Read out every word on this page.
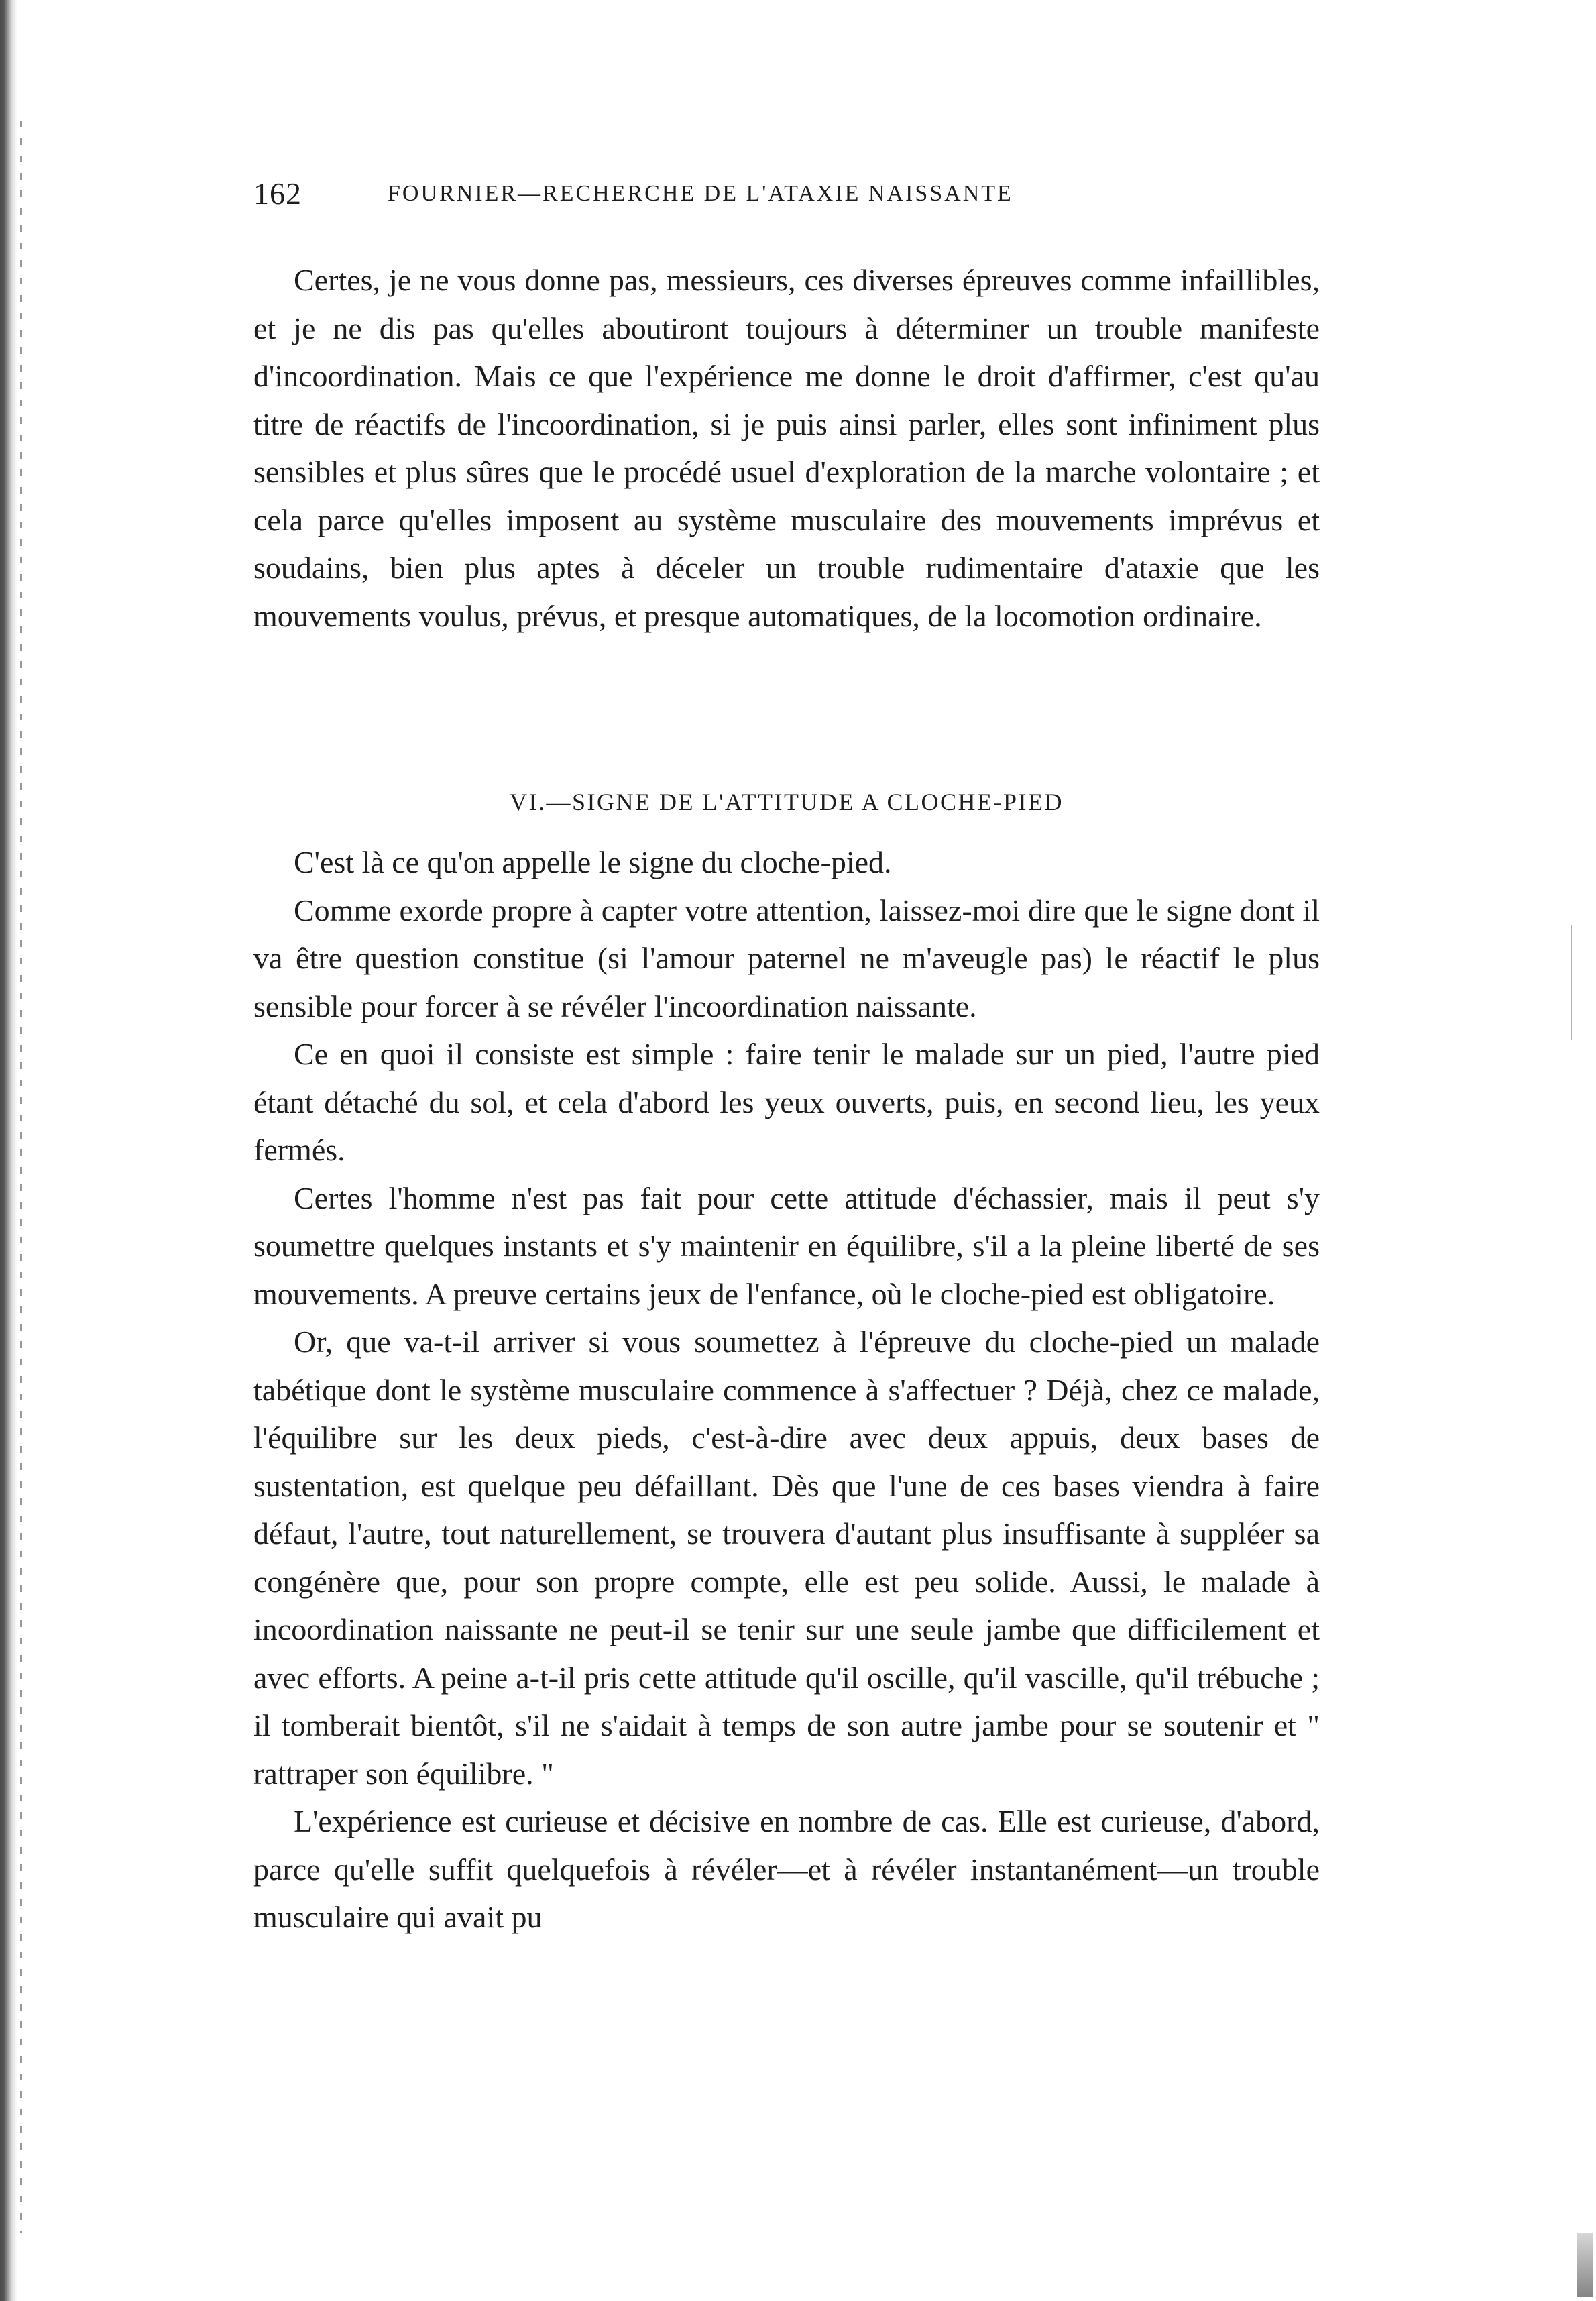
162	FOURNIER—RECHERCHE DE L'ATAXIE NAISSANTE

Certes, je ne vous donne pas, messieurs, ces diverses épreuves comme infaillibles, et je ne dis pas qu'elles aboutiront toujours à déterminer un trouble manifeste d'incoordination. Mais ce que l'expérience me donne le droit d'affirmer, c'est qu'au titre de réactifs de l'incoordination, si je puis ainsi parler, elles sont infiniment plus sensibles et plus sûres que le procédé usuel d'exploration de la marche volontaire ; et cela parce qu'elles imposent au système musculaire des mouvements imprévus et soudains, bien plus aptes à déceler un trouble rudimentaire d'ataxie que les mouvements voulus, prévus, et presque automatiques, de la locomotion ordinaire.

VI.—SIGNE DE L'ATTITUDE A CLOCHE-PIED

C'est là ce qu'on appelle le signe du cloche-pied.

Comme exorde propre à capter votre attention, laissez-moi dire que le signe dont il va être question constitue (si l'amour paternel ne m'aveugle pas) le réactif le plus sensible pour forcer à se révéler l'incoordination naissante.

Ce en quoi il consiste est simple : faire tenir le malade sur un pied, l'autre pied étant détaché du sol, et cela d'abord les yeux ouverts, puis, en second lieu, les yeux fermés.

Certes l'homme n'est pas fait pour cette attitude d'échassier, mais il peut s'y soumettre quelques instants et s'y maintenir en équilibre, s'il a la pleine liberté de ses mouvements. A preuve certains jeux de l'enfance, où le cloche-pied est obligatoire.

Or, que va-t-il arriver si vous soumettez à l'épreuve du cloche-pied un malade tabétique dont le système musculaire commence à s'affectuer ? Déjà, chez ce malade, l'équilibre sur les deux pieds, c'est-à-dire avec deux appuis, deux bases de sustentation, est quelque peu défaillant. Dès que l'une de ces bases viendra à faire défaut, l'autre, tout naturellement, se trouvera d'autant plus insuffisante à suppléer sa congénère que, pour son propre compte, elle est peu solide. Aussi, le malade à incoordination naissante ne peut-il se tenir sur une seule jambe que difficilement et avec efforts. A peine a-t-il pris cette attitude qu'il oscille, qu'il vascille, qu'il trébuche ; il tomberait bientôt, s'il ne s'aidait à temps de son autre jambe pour se soutenir et " rattraper son équilibre. "

L'expérience est curieuse et décisive en nombre de cas. Elle est curieuse, d'abord, parce qu'elle suffit quelquefois à révéler—et à révéler instantanément—un trouble musculaire qui avait pu
